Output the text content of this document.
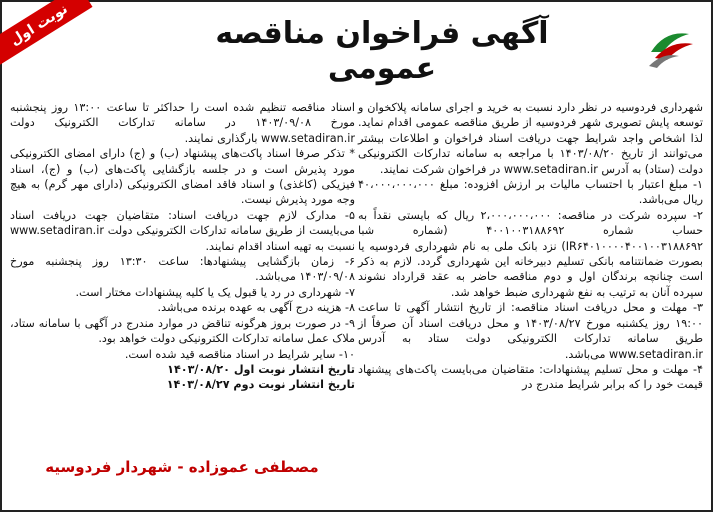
نوبت اول	آگهی فراخوان مناقصه عمومی

شهرداری فردوسیه در نظر دارد نسبت به خرید و اجرای سامانه پلاکخوان و توسعه پایش تصویری شهر فردوسیه از طریق مناقصه عمومی اقدام نماید. لذا اشخاص واجد شرایط جهت دریافت اسناد فراخوان و اطلاعات بیشتر می‌توانند از تاریخ ۱۴۰۳/۰۸/۲۰ با مراجعه به سامانه تدارکات الکترونیکی دولت (ستاد) به آدرس www.setadiran.ir در فراخوان شرکت نمایند.

۱- مبلغ اعتبار با احتساب مالیات بر ارزش افزوده: مبلغ ۴۰،۰۰۰،۰۰۰،۰۰۰ ریال می‌باشد.

۲- سپرده شرکت در مناقصه: ۲،۰۰۰،۰۰۰،۰۰۰ ریال که بایستی نقداً به حساب شماره ۴۰۰۱۰۰۳۱۸۸۶۹۲ (شماره شبا IR۶۴۰۱۰۰۰۰۴۰۰۱۰۰۳۱۸۸۶۹۲) نزد بانک ملی به نام شهرداری فردوسیه یا بصورت ضمانتنامه بانکی تسلیم دبیرخانه این شهرداری گردد. لازم به ذکر است چنانچه برندگان اول و دوم مناقصه حاضر به عقد قرارداد نشوند سپرده آنان به ترتیب به نفع شهرداری ضبط خواهد شد.

۳- مهلت و محل دریافت اسناد مناقصه: از تاریخ انتشار آگهی تا ساعت ۱۹:۰۰ روز یکشنبه مورخ ۱۴۰۳/۰۸/۲۷ و محل دریافت اسناد آن صرفاً از طریق سامانه تدارکات الکترونیکی دولت ستاد به آدرس www.setadiran.ir می‌باشد.

۴- مهلت و محل تسلیم پیشنهادات: متقاضیان می‌بایست پاکت‌های پیشنهاد قیمت خود را که برابر شرایط مندرج در

اسناد مناقصه تنظیم شده است را حداکثر تا ساعت ۱۳:۰۰ روز پنجشنبه مورخ ۱۴۰۳/۰۹/۰۸ در سامانه تدارکات الکترونیک دولت www.setadiran.ir بارگذاری نمایند.

* تذکر صرفا اسناد پاکت‌های پیشنهاد (ب) و (ج) دارای امضای الکترونیکی مورد پذیرش است و در جلسه بازگشایی پاکت‌های (ب) و (ج)، اسناد فیزیکی (کاغذی) و اسناد فاقد امضای الکترونیکی (دارای مهر گرم) به هیچ وجه مورد پذیرش نیست.

۵- مدارک لازم جهت دریافت اسناد: متقاضیان جهت دریافت اسناد می‌بایست از طریق سامانه تدارکات الکترونیکی دولت www.setadiran.ir نسبت به تهیه اسناد اقدام نمایند.

۶- زمان بازگشایی پیشنهادها: ساعت ۱۳:۳۰ روز پنجشنبه مورخ ۱۴۰۳/۰۹/۰۸ می‌باشد.

۷- شهرداری در رد یا قبول یک یا کلیه پیشنهادات مختار است.

۸- هزینه درج آگهی به عهده برنده می‌باشد.

۹- در صورت بروز هرگونه تناقض در موارد مندرج در آگهی با سامانه ستاد، ملاک عمل سامانه تدارکات الکترونیکی دولت خواهد بود.

۱۰- سایر شرایط در اسناد مناقصه قید شده است.

تاریخ انتشار نوبت اول ۱۴۰۳/۰۸/۲۰

تاریخ انتشار نوبت دوم ۱۴۰۳/۰۸/۲۷

مصطفی عموزاده - شهردار فردوسیه
